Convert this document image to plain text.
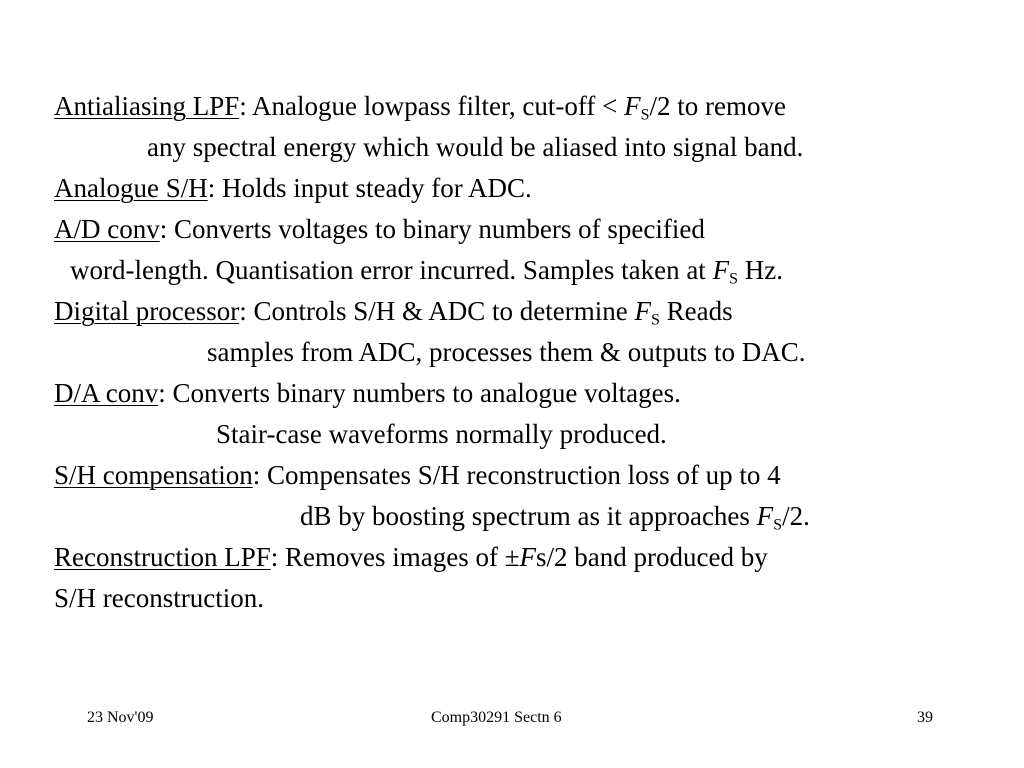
Antialiasing LPF: Analogue lowpass filter, $cut-off < F_S/2$ to remove
any spectral energy which would be aliased into signal band.
Analogue S/H: Holds input steady for ADC.
A/D conv: Converts voltages to binary numbers of specified
word-length. Quantisation error incurred. Samples taken at $F_S$ Hz.
Digital processor: Controls S/H & ADC to determine $F_S$ Reads
samples from ADC, processes them & outputs to DAC.
D/A conv: Converts binary numbers to analogue voltages.
Stair-case waveforms normally produced.
S/H compensation: Compensates S/H reconstruction loss of up to 4
dB by boosting spectrum as it approaches $F_S/2$.
Reconstruction LPF: Removes images of ±Fs/2 band produced by
S/H reconstruction.
23 Nov'09	Comp30291 Sectn 6	39
